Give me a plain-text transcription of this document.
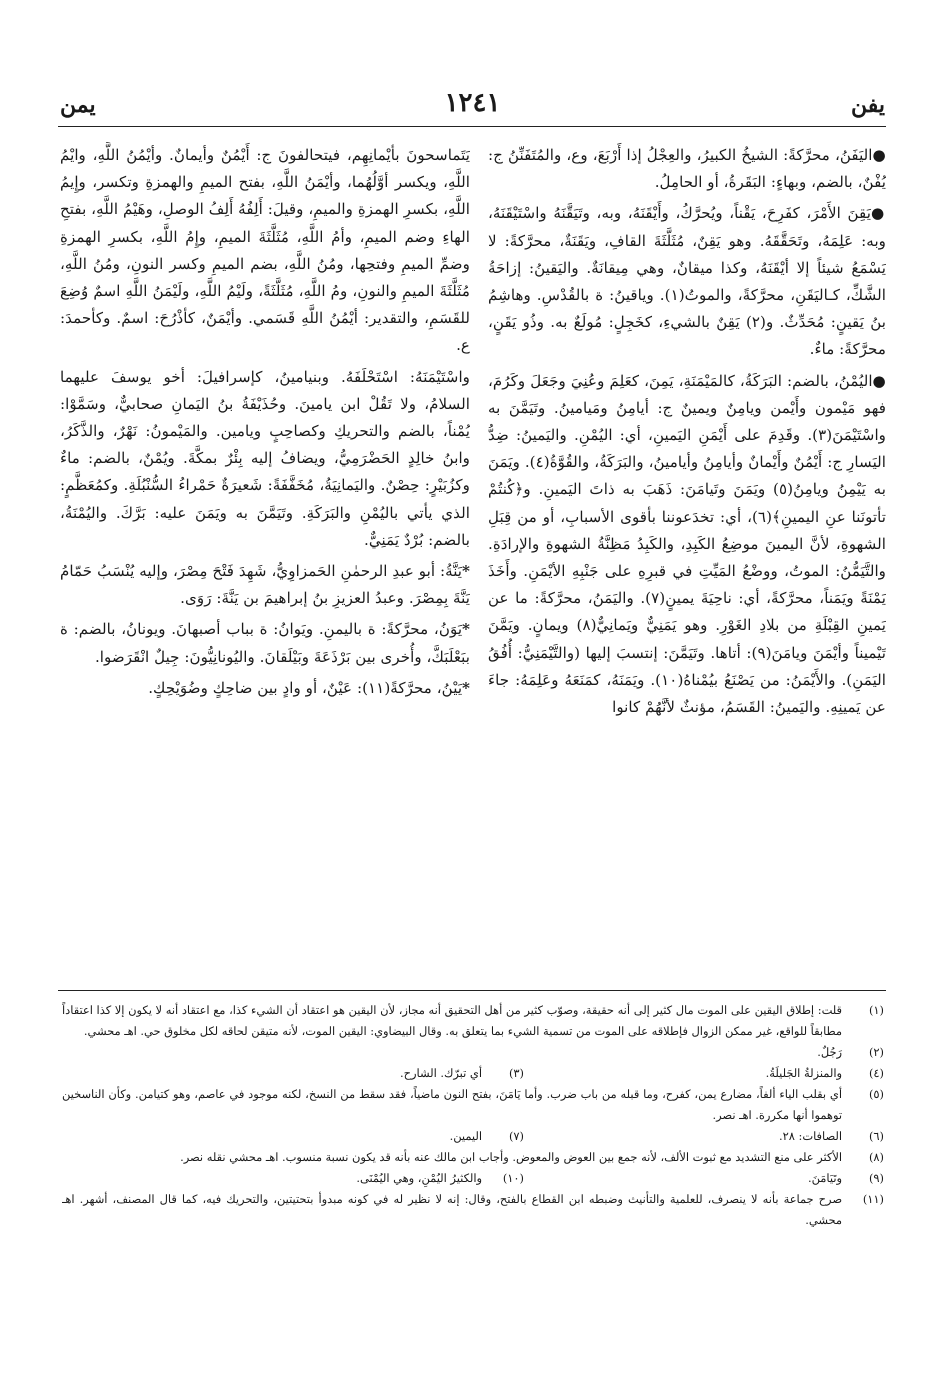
يفن
١٢٤١
يمن

●اليَفَنُ، محرَّكةً: الشيخُ الكبيرُ، والعِجْلُ إذا أَرْبَعَ، وع، والمُتَفَنِّنُ ج: يُفْنٌ، بالضم، وبهاءٍ: البَقَرةُ، أو الحامِلُ.

●يَقِنَ الأَمْرَ، كفَرِحَ، يَقْناً، ويُحرَّكُ، وأَيْقَنَهُ، وبه، وتَيَقَّنَهُ واسْتَيْقَنَهُ، وبه: عَلِمَهُ، وتَحَقَّقَهُ. وهو يَقِنٌ، مُثَلَّثَةَ القافِ، ويَقَنَةٌ، محرَّكةً: لا يَسْمَعُ شيئاً إلا أيْقَنَهُ، وكذا ميقانٌ، وهي مِيقانَةٌ. واليَقينُ: إزاحَةُ الشَّكِّ، كـاليَقَنِ، محرَّكةً، والموتُ(١). وياقينُ: ة بالقُدْسِ. وهاشِمُ بنُ يَقينٍ: مُحَدِّثٌ. و(٢) يَقِنٌ بالشيءِ، كخَجِلٍ: مُولَعٌ به. وذُو يَقَنٍ، محرَّكةً: ماءٌ.

●اليُمْنُ، بالضم: البَرَكَةُ، كالمَيْمَنَةِ، يَمِنَ، كعَلِمَ وعُنِيَ وجَعَلَ وكَرُمَ، فهو مَيْمون وأَيْمن ويامِنٌ ويمينٌ ج: أيامِنُ ومَيامينُ. وتَيَمَّنَ به واسْتَيْمَنَ(٣). وقَدِمَ على أَيْمَنِ اليَمينِ، أي: اليُمْنِ. واليَمينُ: ضِدُّ اليَسارِ ج: أَيْمُنٌ وأَيْمانٌ وأيامِنُ وأيامينُ، والبَرَكَةُ، والقُوَّةُ(٤). ويَمَنَ به يَيْمِنُ ويامِنُ(٥) ويَمَنَ وتَيامَنَ: ذَهَبَ به ذاتَ اليَمينِ. و﴿كُنتُمْ تأتونَنا عنِ اليمينِ﴾(٦)، أي: تخدَعوننا بأقوى الأسبابِ، أو من قِبَلِ الشهوةِ، لأنَّ اليمينَ موضِعُ الكَبِدِ، والكَبِدُ مَظِنَّةُ الشهوةِ والإرادَةِ. والتَّيَمُّنُ: الموتُ، ووضْعُ المَيِّتِ في قبرِهِ على جَنْبِهِ الأيْمَنِ. وأَخَذَ يَمْنَةً ويَمَناً، محرَّكةً، أي: ناحِيَةَ يمينٍ(٧). واليَمَنُ، محرَّكةً: ما عن يَمينِ القِبْلَةِ من بلادِ الغَوْرِ. وهو يَمَنِيٌّ ويَمانِيٌّ(٨) ويمانٍ. ويَمَّنَ تَيْميناً وأيْمَنَ ويامَنَ(٩): أتاها. وتَيَمَّنَ: إنتسبَ إليها (والتَّيْمَنِيُّ: أُفُقُ اليَمَنِ). والأَيْمَنُ: من يَصْنَعُ بيُمْناهُ(١٠). ويَمَنَهُ، كمَنَعَهُ وعَلِمَهُ: جاءَ عن يَمينِهِ. واليَمينُ: القَسَمُ، مؤنثٌ لأنَّهُمْ كانوا

يَتَماسحونَ بأيْمانِهِم، فيتحالفونَ ج: أَيْمُنٌ وأيمانٌ. وأيْمُنُ اللَّهِ، وايْمُ اللَّهِ، ويكسر أوَّلُهُما، وأيْمَنُ اللَّهِ، بفتح الميمِ والهمزةِ وتكسر، وإِيمُ اللَّهِ، بكسرِ الهمزةِ والميمِ، وقيلَ: أَلِفُهُ أَلِفُ الوصلِ، وهَيْمُ اللَّهِ، بفتحِ الهاءِ وضم الميمِ، وأمُ اللَّهِ، مُثَلَّثَةَ الميمِ، وإِمُ اللَّهِ، بكسرِ الهمزةِ وضمِّ الميمِ وفتحِها، ومُنُ اللَّهِ، بضم الميمِ وكسر النونِ، ومُنُ اللَّهِ، مُثَلَّثَةَ الميمِ والنونِ، ومُ اللَّهِ، مُثَلَّثَةً، ولَيْمُ اللَّهِ، ولَيْمَنُ اللَّهِ اسمٌ وُضِعَ للقَسَمِ، والتقدير: أيْمُنُ اللَّهِ قَسَمي. وأيْمَنٌ، كأذْرُحَ: اسمٌ. وكأحمدَ: ع.

واسْتَيْمَنَهُ: اسْتَحْلَفَهُ. وبنيامينُ، كإسرافيلَ: أخو يوسفَ عليهما السلامُ، ولا تَقُلْ ابن يامينَ. وحُذَيْفَةُ بنُ اليَمانِ صحابيٌّ، وسَمَّوْا: يُمْناً، بالضم والتحريكِ وكصاحِبٍ ويامين. والمَيْمونُ: نَهْرٌ، والذَّكَرُ، وابنُ خالِدٍ الحَضْرَمِيُّ، ويضافُ إليه بِئْرٌ بمكَّةَ. ويُمْنٌ، بالضم: ماءٌ وكزُبَيْرٍ: حِصْنٌ. واليَمانِيَةُ، مُخَفَّفَةً: شَعيرَةٌ حَمْراءُ السُّنْبُلَةِ. وكمُعَظَّمٍ: الذي يأتي باليُمْنِ والبَرَكَةِ. وتَيَمَّنَ به ويَمَنَ عليه: بَرَّكَ. واليُمْنَةُ، بالضم: بُرْدٌ يَمَنِيٌّ.

*يَنَّةُ: أبو عبدِ الرحمٰنِ الحَمزاوِيُّ، شَهِدَ فَتْحَ مِصْرَ، وإليه يُنْسَبُ حَمّامُ يَنَّةَ بِمِصْرَ. وعبدُ العزيزِ بنُ إبراهيمَ بن يَنَّةَ: رَوَى.

*يَوَنُ، محرَّكةً: ة باليمنِ. ويَوانُ: ة بباب أصبهانَ. ويونانُ، بالضم: ة ببَعْلَبَكَّ، وأُخرى بين بَرْذَعَةَ وبَيْلَقانَ. واليُونانِيُّونَ: جِيلٌ انْقَرَضوا.

*يَيْنُ، محرَّكةً(١١): عَيْنٌ، أو وادٍ بين ضاحِكٍ وضُوَيْحِكٍ.

(١)
قلت: إطلاق اليقين على الموت مال كثير إلى أنه حقيقة، وصوّب كثير من أهل التحقيق أنه مجاز، لأن اليقين هو اعتقاد أن الشيء كذا، مع اعتقاد أنه لا يكون إلا كذا اعتقاداً مطابقاً للواقع، غير ممكن الزوال فإطلاقه على الموت من تسمية الشيء بما يتعلق به. وقال البيضاوي: اليقين الموت، لأنه متيقن لحاقه لكل مخلوق حي. اهـ محشي.
(٢)
رَجُلٌ.
(٤)
والمنزلةُ الجَليلَةُ.
(٣)
أي تبرّك. الشارح.
(٥)
أي بقلب الياء ألفاً، مضارع يمن، كفرح، وما قبله من باب ضرب. وأما يَامَنَ، بفتح النون ماضياً، فقد سقط من النسخ، لكنه موجود في عاصم، وهو كتيامن. وكأن الناسخين توهموا أنها مكررة. اهـ نصر.
(٦)
الصافات: ٢٨.
(٧)
اليمين.
(٨)
الأكثر على منع التشديد مع ثبوت الألف، لأنه جمع بين العوض والمعوض. وأجاب ابن مالك عنه بأنه قد يكون نسبة منسوب. اهـ محشي نقله نصر.
(٩)
وتَيَامَنَ.
(١٠)
والكثيرُ اليُمْنِ، وهي اليُمْنَى.
(١١)
صرح جماعة بأنه لا ينصرف، للعلمية والتأنيث وضبطه ابن القطاع بالفتح، وقال: إنه لا نظير له في كونه مبدوأ بتحتيتين، والتحريك فيه، كما قال المصنف، أشهر. اهـ محشي.
